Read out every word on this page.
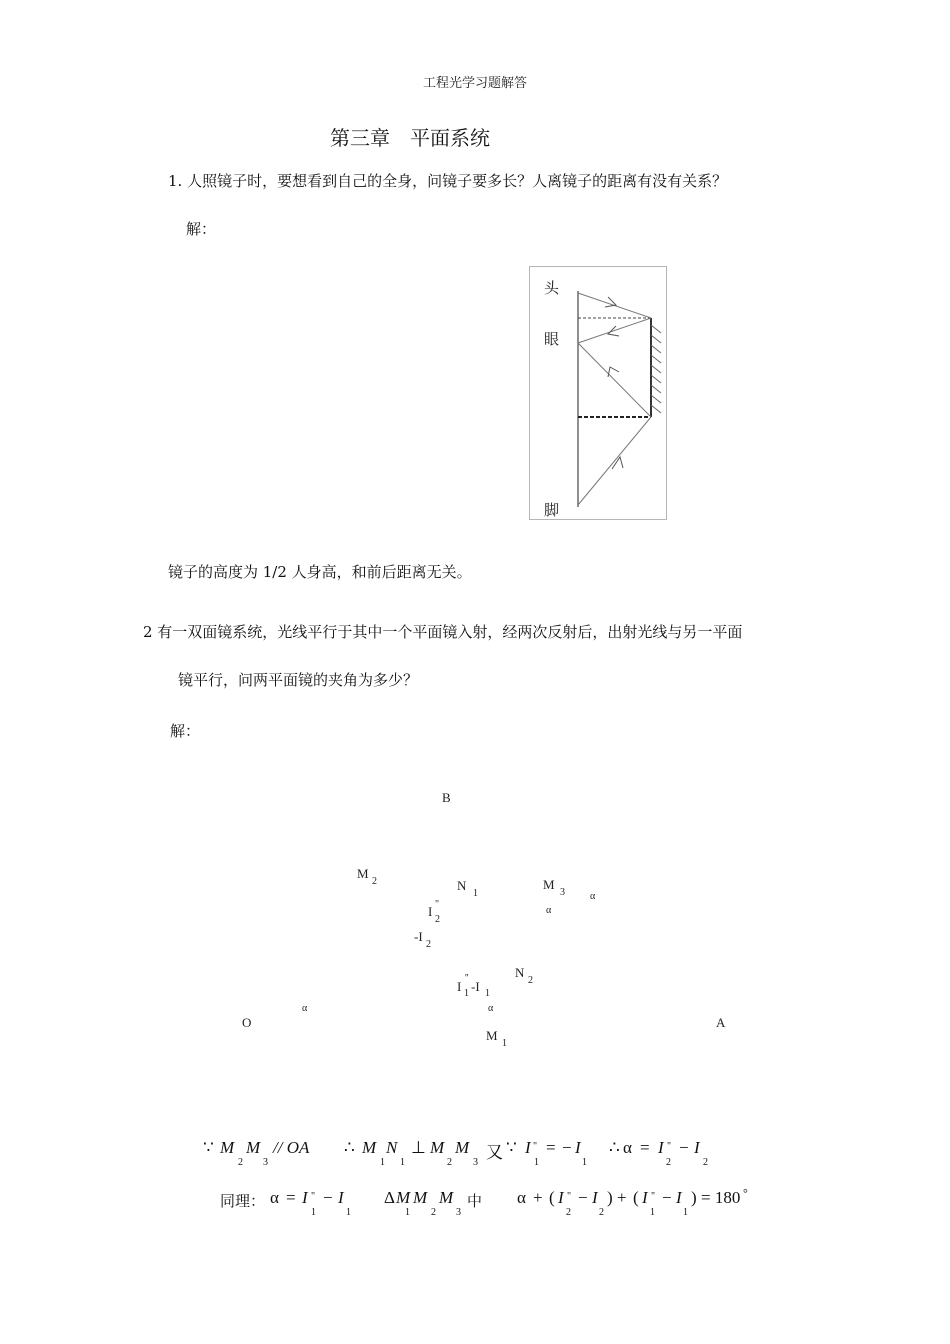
工程光学习题解答
第三章　平面系统
1. 人照镜子时，要想看到自己的全身，问镜子要多长？人离镜子的距离有没有关系？
解：
头
眼
脚
镜子的高度为 1/2 人身高，和前后距离无关。
2 有一双面镜系统，光线平行于其中一个平面镜入射，经两次反射后，出射光线与另一平面
镜平行，问两平面镜的夹角为多少？
解：
B
M
2	N
1
M
3	α
α
I "
2
-I
2
N
2
I
''
1 -I 1
α	α
O	A
M
1
∵ M
2
M
3
// OA ∴ M
1
N
1
⊥ M
2
M
3
又 ∵ I "
1
= − I
1
∴ α = I "
2
− I
2
同理： α = I "
1
− I
1
Δ M
1
M
2
M
3
中 α + ( I "
2
− I
2
) + ( I "
1
− I
1
) = 180 °
